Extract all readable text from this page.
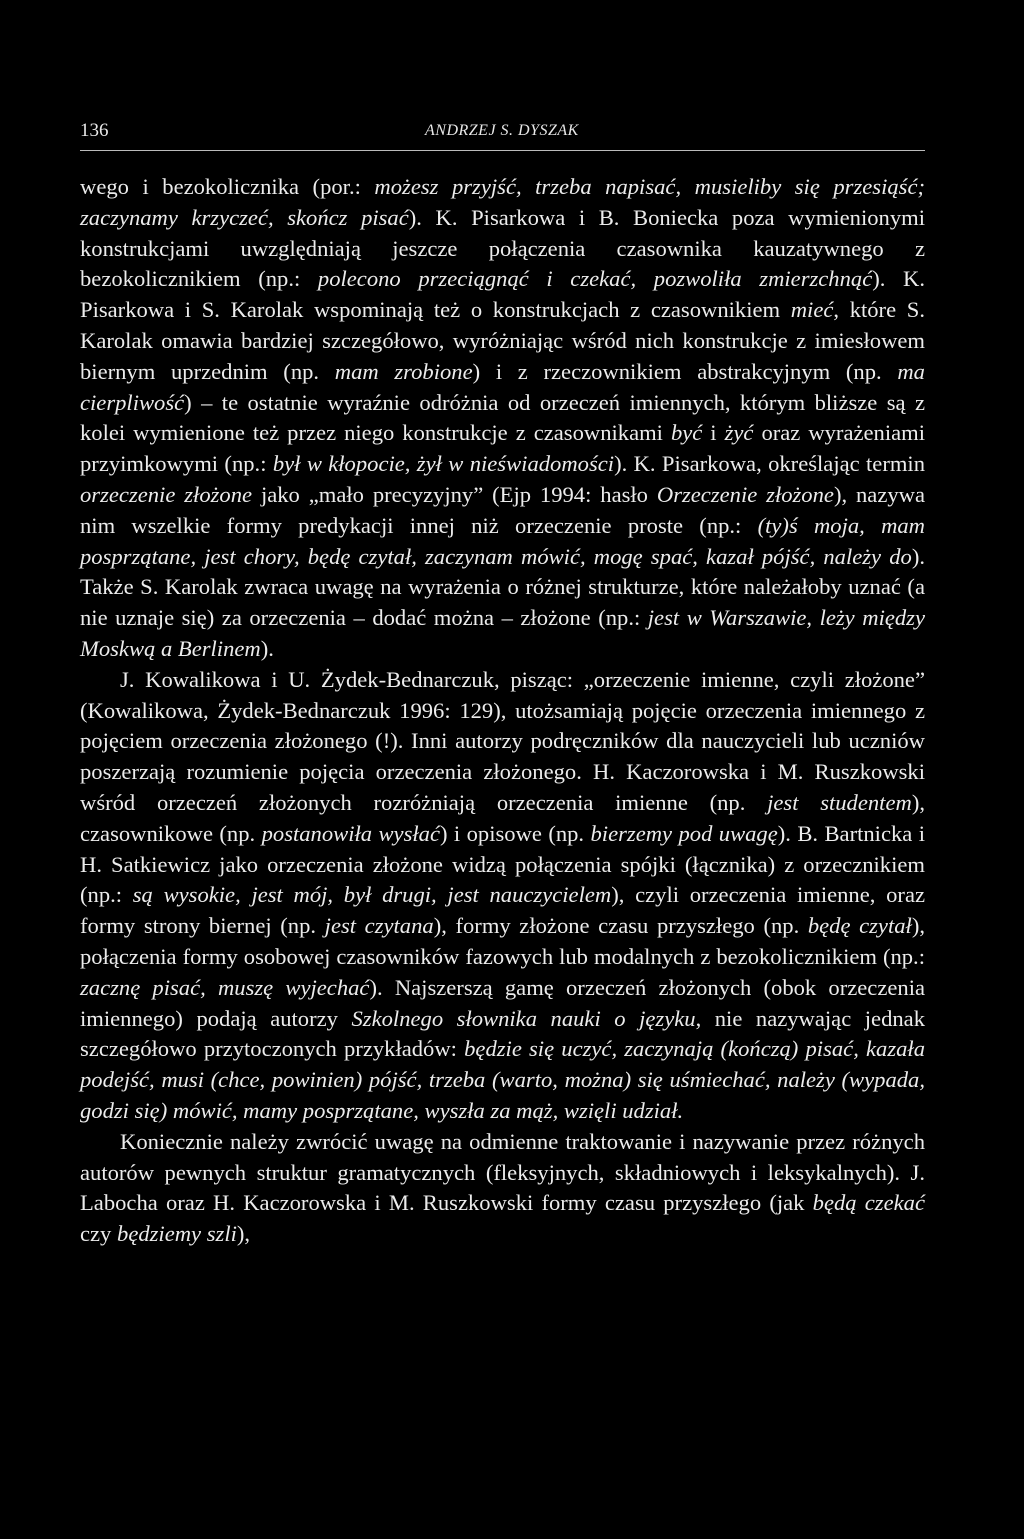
136	ANDRZEJ S. DYSZAK

wego i bezokolicznika (por.: możesz przyjść, trzeba napisać, musieliby się przesiąść; zaczynamy krzyczeć, skończ pisać). K. Pisarkowa i B. Boniecka poza wymienionymi konstrukcjami uwzględniają jeszcze połączenia czasownika kauzatywnego z bezokolicznikiem (np.: polecono przeciągnąć i czekać, pozwoliła zmierzchnąć). K. Pisarkowa i S. Karolak wspominają też o konstrukcjach z czasownikiem mieć, które S. Karolak omawia bardziej szczegółowo, wyróżniając wśród nich konstrukcje z imiesłowem biernym uprzednim (np. mam zrobione) i z rzeczownikiem abstrakcyjnym (np. ma cierpliwość) – te ostatnie wyraźnie odróżnia od orzeczeń imiennych, którym bliższe są z kolei wymienione też przez niego konstrukcje z czasownikami być i żyć oraz wyrażeniami przyimkowymi (np.: był w kłopocie, żył w nieświadomości). K. Pisarkowa, określając termin orzeczenie złożone jako „mało precyzyjny” (Ejp 1994: hasło Orzeczenie złożone), nazywa nim wszelkie formy predykacji innej niż orzeczenie proste (np.: (ty)ś moja, mam posprzątane, jest chory, będę czytał, zaczynam mówić, mogę spać, kazał pójść, należy do). Także S. Karolak zwraca uwagę na wyrażenia o różnej strukturze, które należałoby uznać (a nie uznaje się) za orzeczenia – dodać można – złożone (np.: jest w Warszawie, leży między Moskwą a Berlinem).

J. Kowalikowa i U. Żydek-Bednarczuk, pisząc: „orzeczenie imienne, czyli złożone” (Kowalikowa, Żydek-Bednarczuk 1996: 129), utożsamiają pojęcie orzeczenia imiennego z pojęciem orzeczenia złożonego (!). Inni autorzy podręczników dla nauczycieli lub uczniów poszerzają rozumienie pojęcia orzeczenia złożonego. H. Kaczorowska i M. Ruszkowski wśród orzeczeń złożonych rozróżniają orzeczenia imienne (np. jest studentem), czasownikowe (np. postanowiła wysłać) i opisowe (np. bierzemy pod uwagę). B. Bartnicka i H. Satkiewicz jako orzeczenia złożone widzą połączenia spójki (łącznika) z orzecznikiem (np.: są wysokie, jest mój, był drugi, jest nauczycielem), czyli orzeczenia imienne, oraz formy strony biernej (np. jest czytana), formy złożone czasu przyszłego (np. będę czytał), połączenia formy osobowej czasowników fazowych lub modalnych z bezokolicznikiem (np.: zacznę pisać, muszę wyjechać). Najszerszą gamę orzeczeń złożonych (obok orzeczenia imiennego) podają autorzy Szkolnego słownika nauki o języku, nie nazywając jednak szczegółowo przytoczonych przykładów: będzie się uczyć, zaczynają (kończą) pisać, kazała podejść, musi (chce, powinien) pójść, trzeba (warto, można) się uśmiechać, należy (wypada, godzi się) mówić, mamy posprzątane, wyszła za mąż, wzięli udział.

Koniecznie należy zwrócić uwagę na odmienne traktowanie i nazywanie przez różnych autorów pewnych struktur gramatycznych (fleksyjnych, składniowych i leksykalnych). J. Labocha oraz H. Kaczorowska i M. Ruszkowski formy czasu przyszłego (jak będą czekać czy będziemy szli),
